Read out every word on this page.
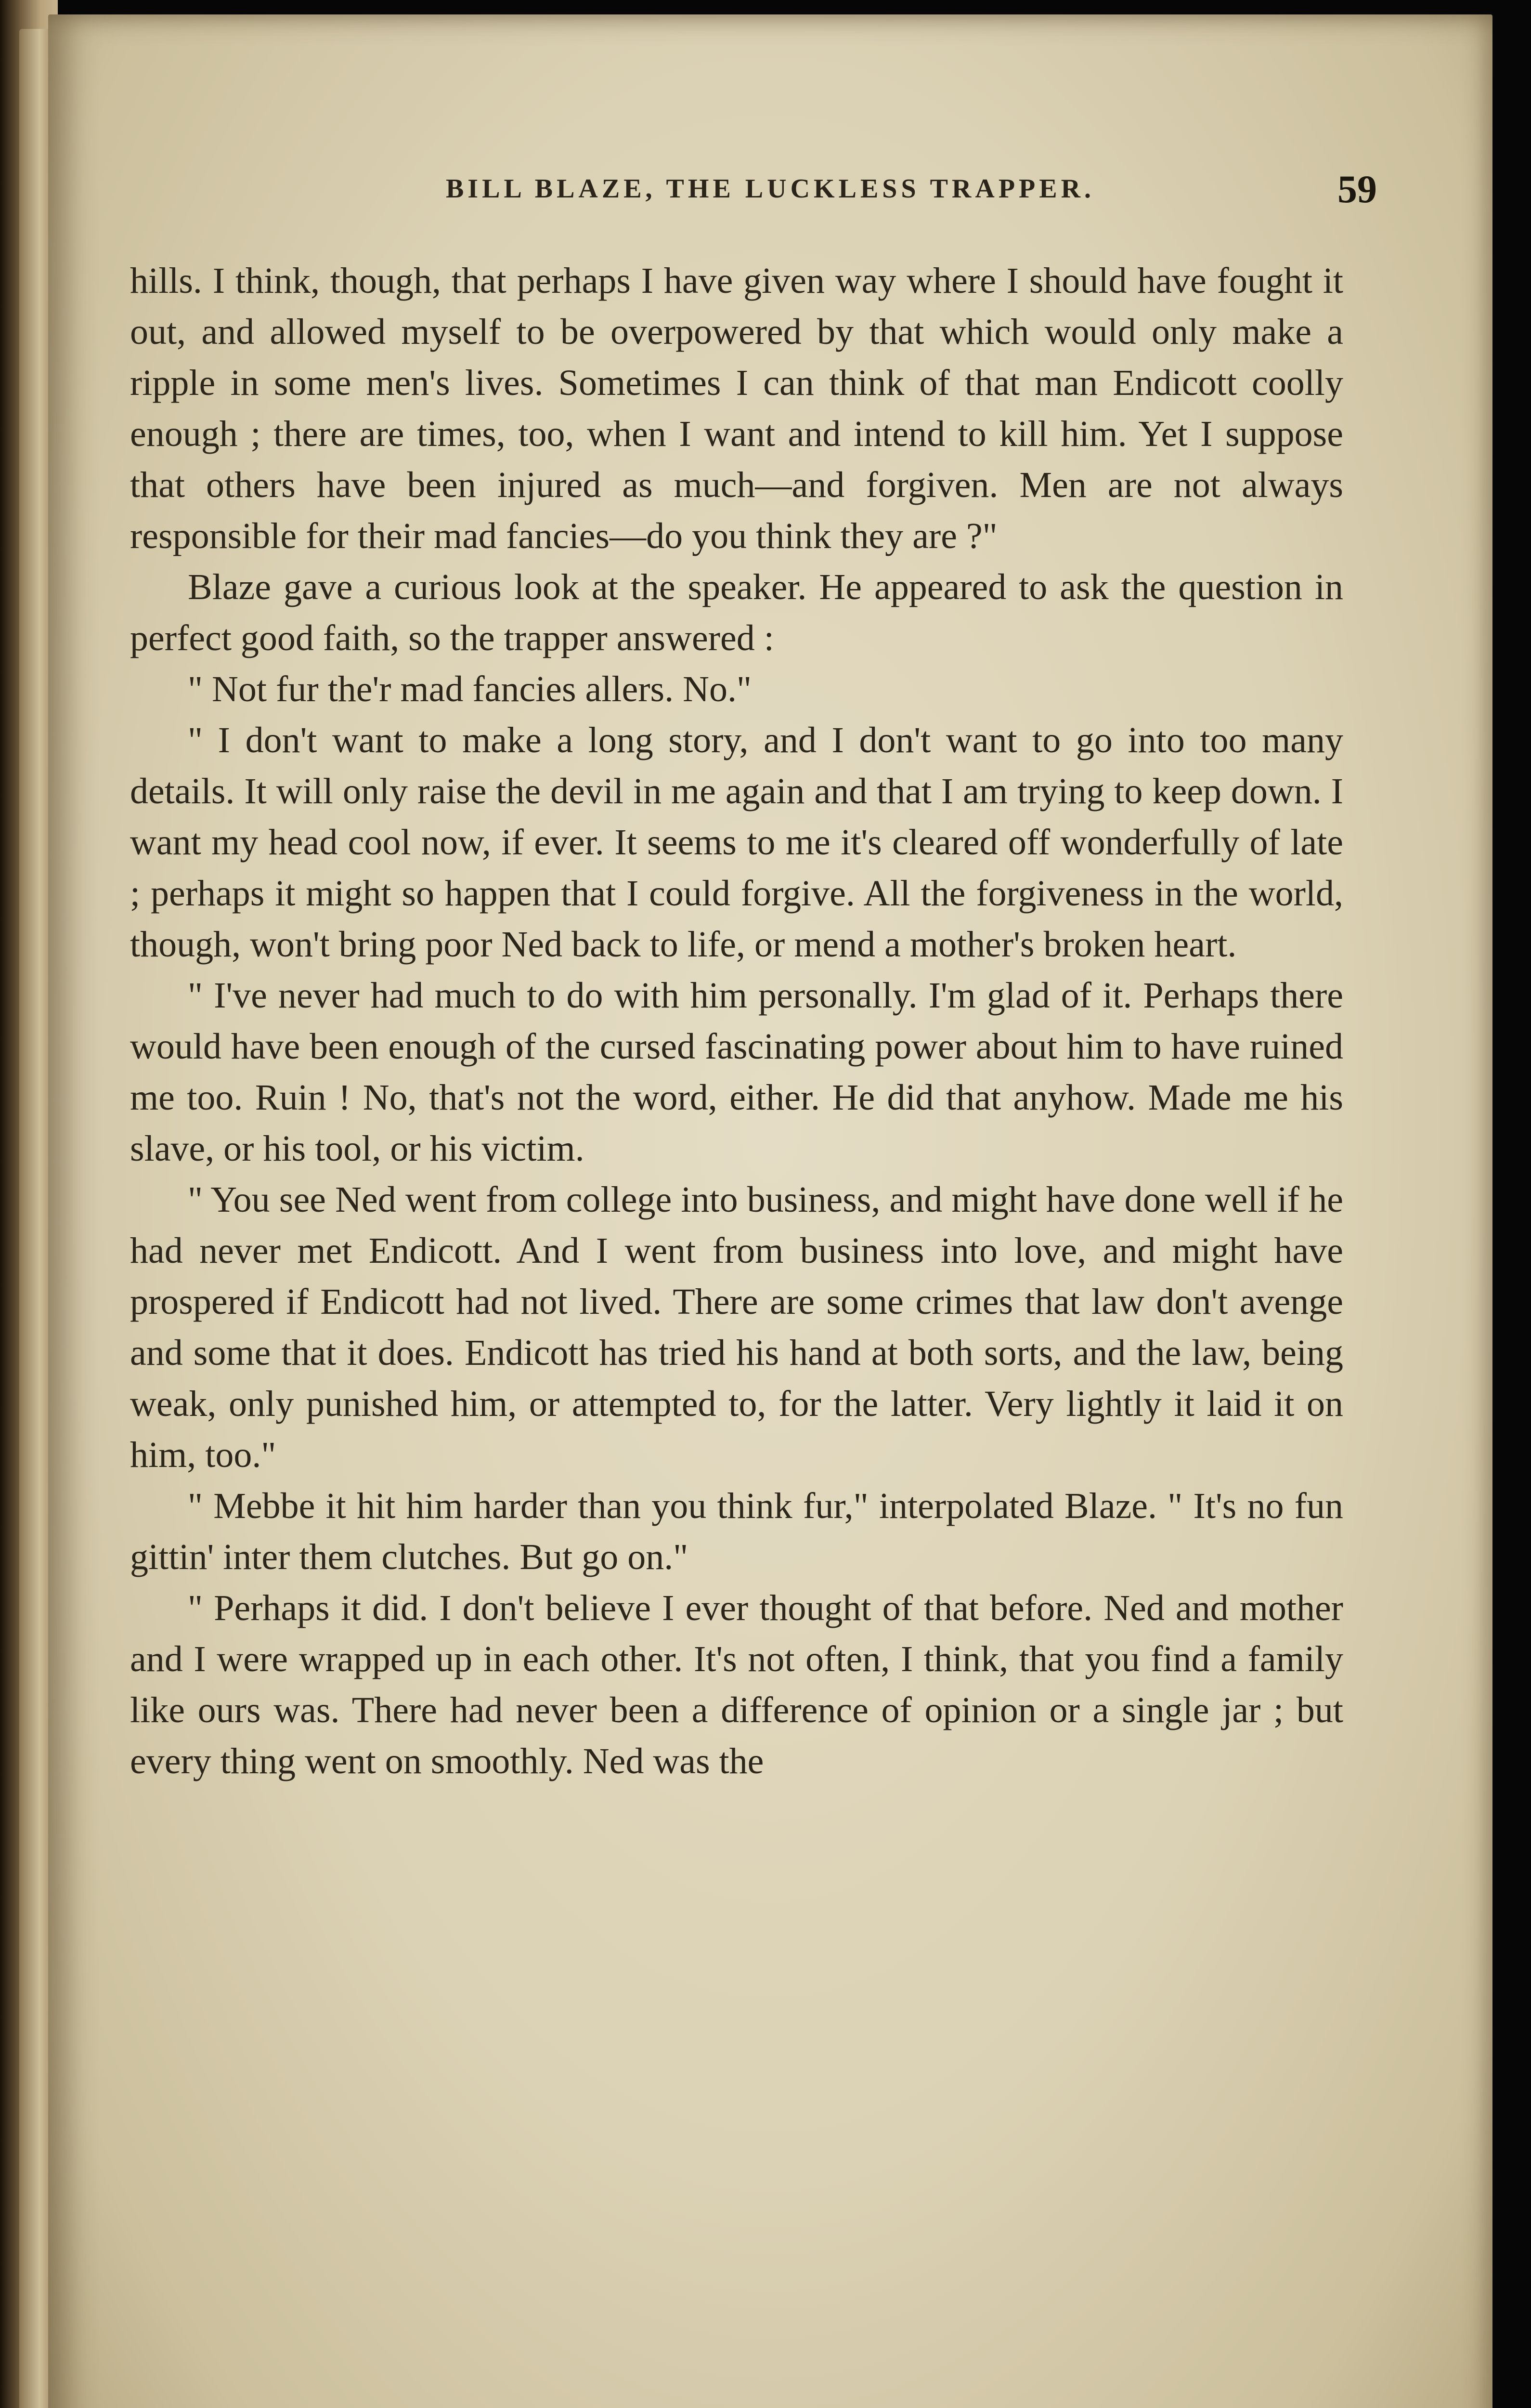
BILL BLAZE, THE LUCKLESS TRAPPER.	59

hills. I think, though, that perhaps I have given way where I should have fought it out, and allowed myself to be overpowered by that which would only make a ripple in some men's lives. Sometimes I can think of that man Endicott coolly enough ; there are times, too, when I want and intend to kill him. Yet I suppose that others have been injured as much—and forgiven. Men are not always responsible for their mad fancies—do you think they are ?"

Blaze gave a curious look at the speaker. He appeared to ask the question in perfect good faith, so the trapper answered :

" Not fur the'r mad fancies allers. No."

" I don't want to make a long story, and I don't want to go into too many details. It will only raise the devil in me again and that I am trying to keep down. I want my head cool now, if ever. It seems to me it's cleared off wonderfully of late ; perhaps it might so happen that I could forgive. All the forgiveness in the world, though, won't bring poor Ned back to life, or mend a mother's broken heart.

" I've never had much to do with him personally. I'm glad of it. Perhaps there would have been enough of the cursed fascinating power about him to have ruined me too. Ruin ! No, that's not the word, either. He did that anyhow. Made me his slave, or his tool, or his victim.

" You see Ned went from college into business, and might have done well if he had never met Endicott. And I went from business into love, and might have prospered if Endicott had not lived. There are some crimes that law don't avenge and some that it does. Endicott has tried his hand at both sorts, and the law, being weak, only punished him, or attempted to, for the latter. Very lightly it laid it on him, too."

" Mebbe it hit him harder than you think fur," interpolated Blaze. " It's no fun gittin' inter them clutches. But go on."

" Perhaps it did. I don't believe I ever thought of that before. Ned and mother and I were wrapped up in each other. It's not often, I think, that you find a family like ours was. There had never been a difference of opinion or a single jar ; but every thing went on smoothly. Ned was the
